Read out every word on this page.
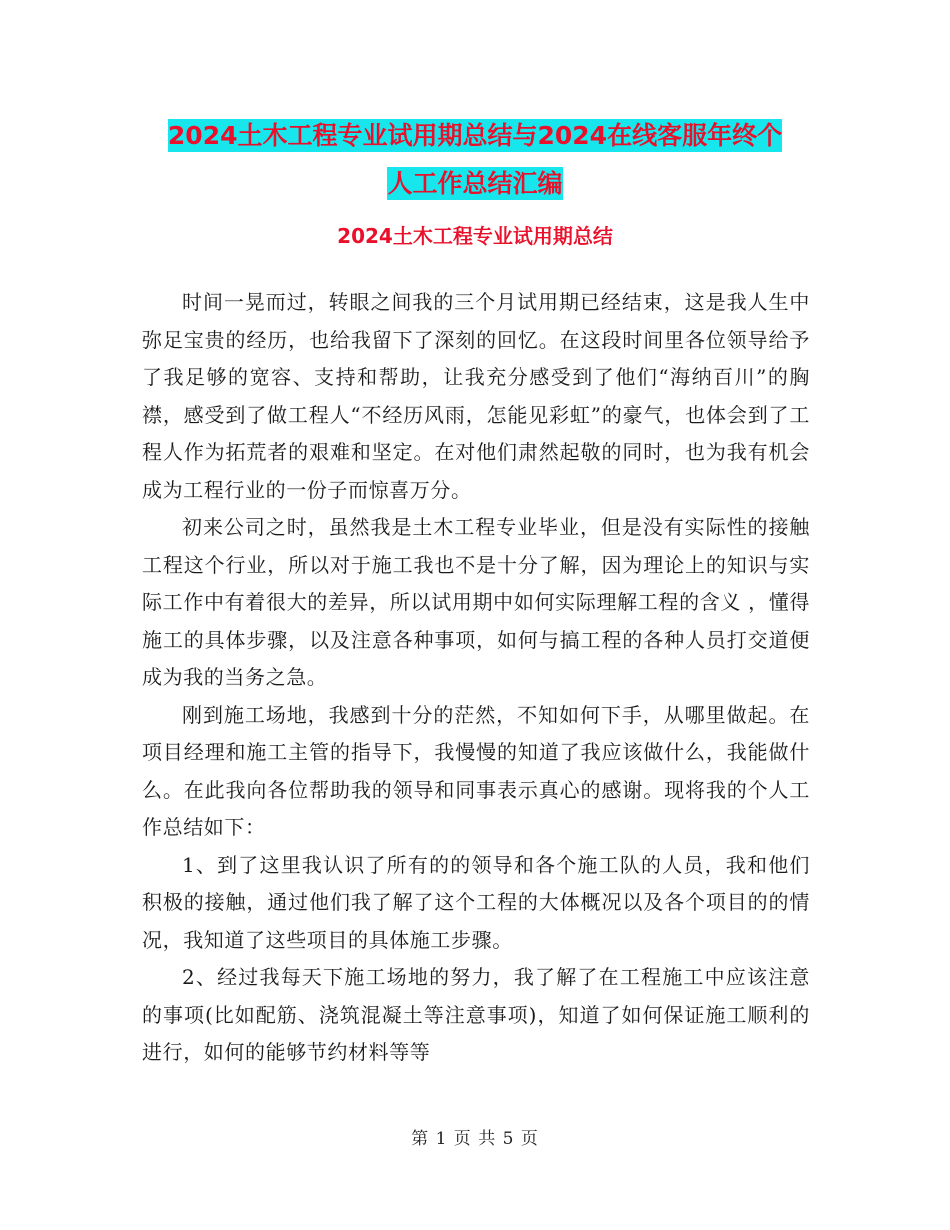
2024土木工程专业试用期总结与2024在线客服年终个
人工作总结汇编
2024土木工程专业试用期总结

时间一晃而过，转眼之间我的三个月试用期已经结束，这是我人生中弥足宝贵的经历，也给我留下了深刻的回忆。在这段时间里各位领导给予了我足够的宽容、支持和帮助，让我充分感受到了他们“海纳百川”的胸襟，感受到了做工程人“不经历风雨，怎能见彩虹”的豪气，也体会到了工程人作为拓荒者的艰难和坚定。在对他们肃然起敬的同时，也为我有机会成为工程行业的一份子而惊喜万分。

初来公司之时，虽然我是土木工程专业毕业，但是没有实际性的接触工程这个行业，所以对于施工我也不是十分了解，因为理论上的知识与实际工作中有着很大的差异，所以试用期中如何实际理解工程的含义 ，懂得施工的具体步骤，以及注意各种事项，如何与搞工程的各种人员打交道便成为我的当务之急。

刚到施工场地，我感到十分的茫然，不知如何下手，从哪里做起。在项目经理和施工主管的指导下，我慢慢的知道了我应该做什么，我能做什么。在此我向各位帮助我的领导和同事表示真心的感谢。现将我的个人工作总结如下：

1、到了这里我认识了所有的的领导和各个施工队的人员，我和他们积极的接触，通过他们我了解了这个工程的大体概况以及各个项目的的情况，我知道了这些项目的具体施工步骤。

2、经过我每天下施工场地的努力，我了解了在工程施工中应该注意的事项(比如配筋、浇筑混凝土等注意事项)，知道了如何保证施工顺利的进行，如何的能够节约材料等等

第 1 页 共 5 页
